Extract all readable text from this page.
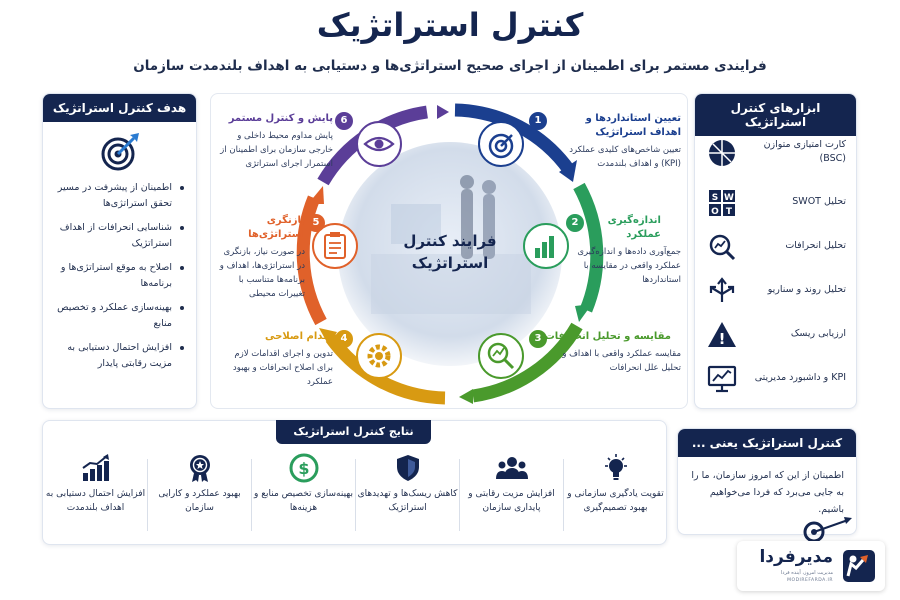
کنترل استراتژیک
فرایندی مستمر برای اطمینان از اجرای صحیح استراتژی‌ها و دستیابی به اهداف بلندمدت سازمان
هدف کنترل استراتژیک
اطمینان از پیشرفت در مسیر تحقق استراتژی‌ها
شناسایی انحرافات از اهداف استراتژیک
اصلاح به موقع استراتژی‌ها و برنامه‌ها
بهینه‌سازی عملکرد و تخصیص منابع
افزایش احتمال دستیابی به مزیت رقابتی پایدار
فرایند کنترل
استراتژیک
1
2
3
4
5
6	تعیین استانداردها و اهداف استراتژیک
تعیین شاخص‌های کلیدی عملکرد (KPI) و اهداف بلندمدت
اندازه‌گیری عملکرد
جمع‌آوری داده‌ها و اندازه‌گیری عملکرد واقعی در مقایسه با استانداردها
مقایسه و تحلیل انحرافات
مقایسه عملکرد واقعی با اهداف و تحلیل علل انحرافات
اقدام اصلاحی
تدوین و اجرای اقدامات لازم برای اصلاح انحرافات و بهبود عملکرد
بازنگری استراتژی‌ها
در صورت نیاز، بازنگری در استراتژی‌ها، اهداف و برنامه‌ها متناسب با تغییرات محیطی
پایش و کنترل مستمر
پایش مداوم محیط داخلی و خارجی سازمان برای اطمینان از استمرار اجرای استراتژی
ابزارهای کنترل استراتژیک
کارت امتیازی متوازن (BSC)
تحلیل SWOT
S W
O T
تحلیل انحرافات
تحلیل روند و سناریو
ارزیابی ریسک
!
KPI و داشبورد مدیریتی
نتایج کنترل استراتژیک
تقویت یادگیری سازمانی و بهبود تصمیم‌گیری
افزایش مزیت رقابتی و پایداری سازمان
کاهش ریسک‌ها و تهدیدهای استراتژیک
$
بهینه‌سازی تخصیص منابع و هزینه‌ها
بهبود عملکرد و کارایی سازمان
افزایش احتمال دستیابی به اهداف بلندمدت
کنترل استراتژیک یعنی ...
اطمینان از این که امروز سازمان، ما را به جایی می‌برد که فردا می‌خواهیم باشیم.
مدیرفردا
مدیریت امروز، آینده فردا
MODIREFARDA.IR
